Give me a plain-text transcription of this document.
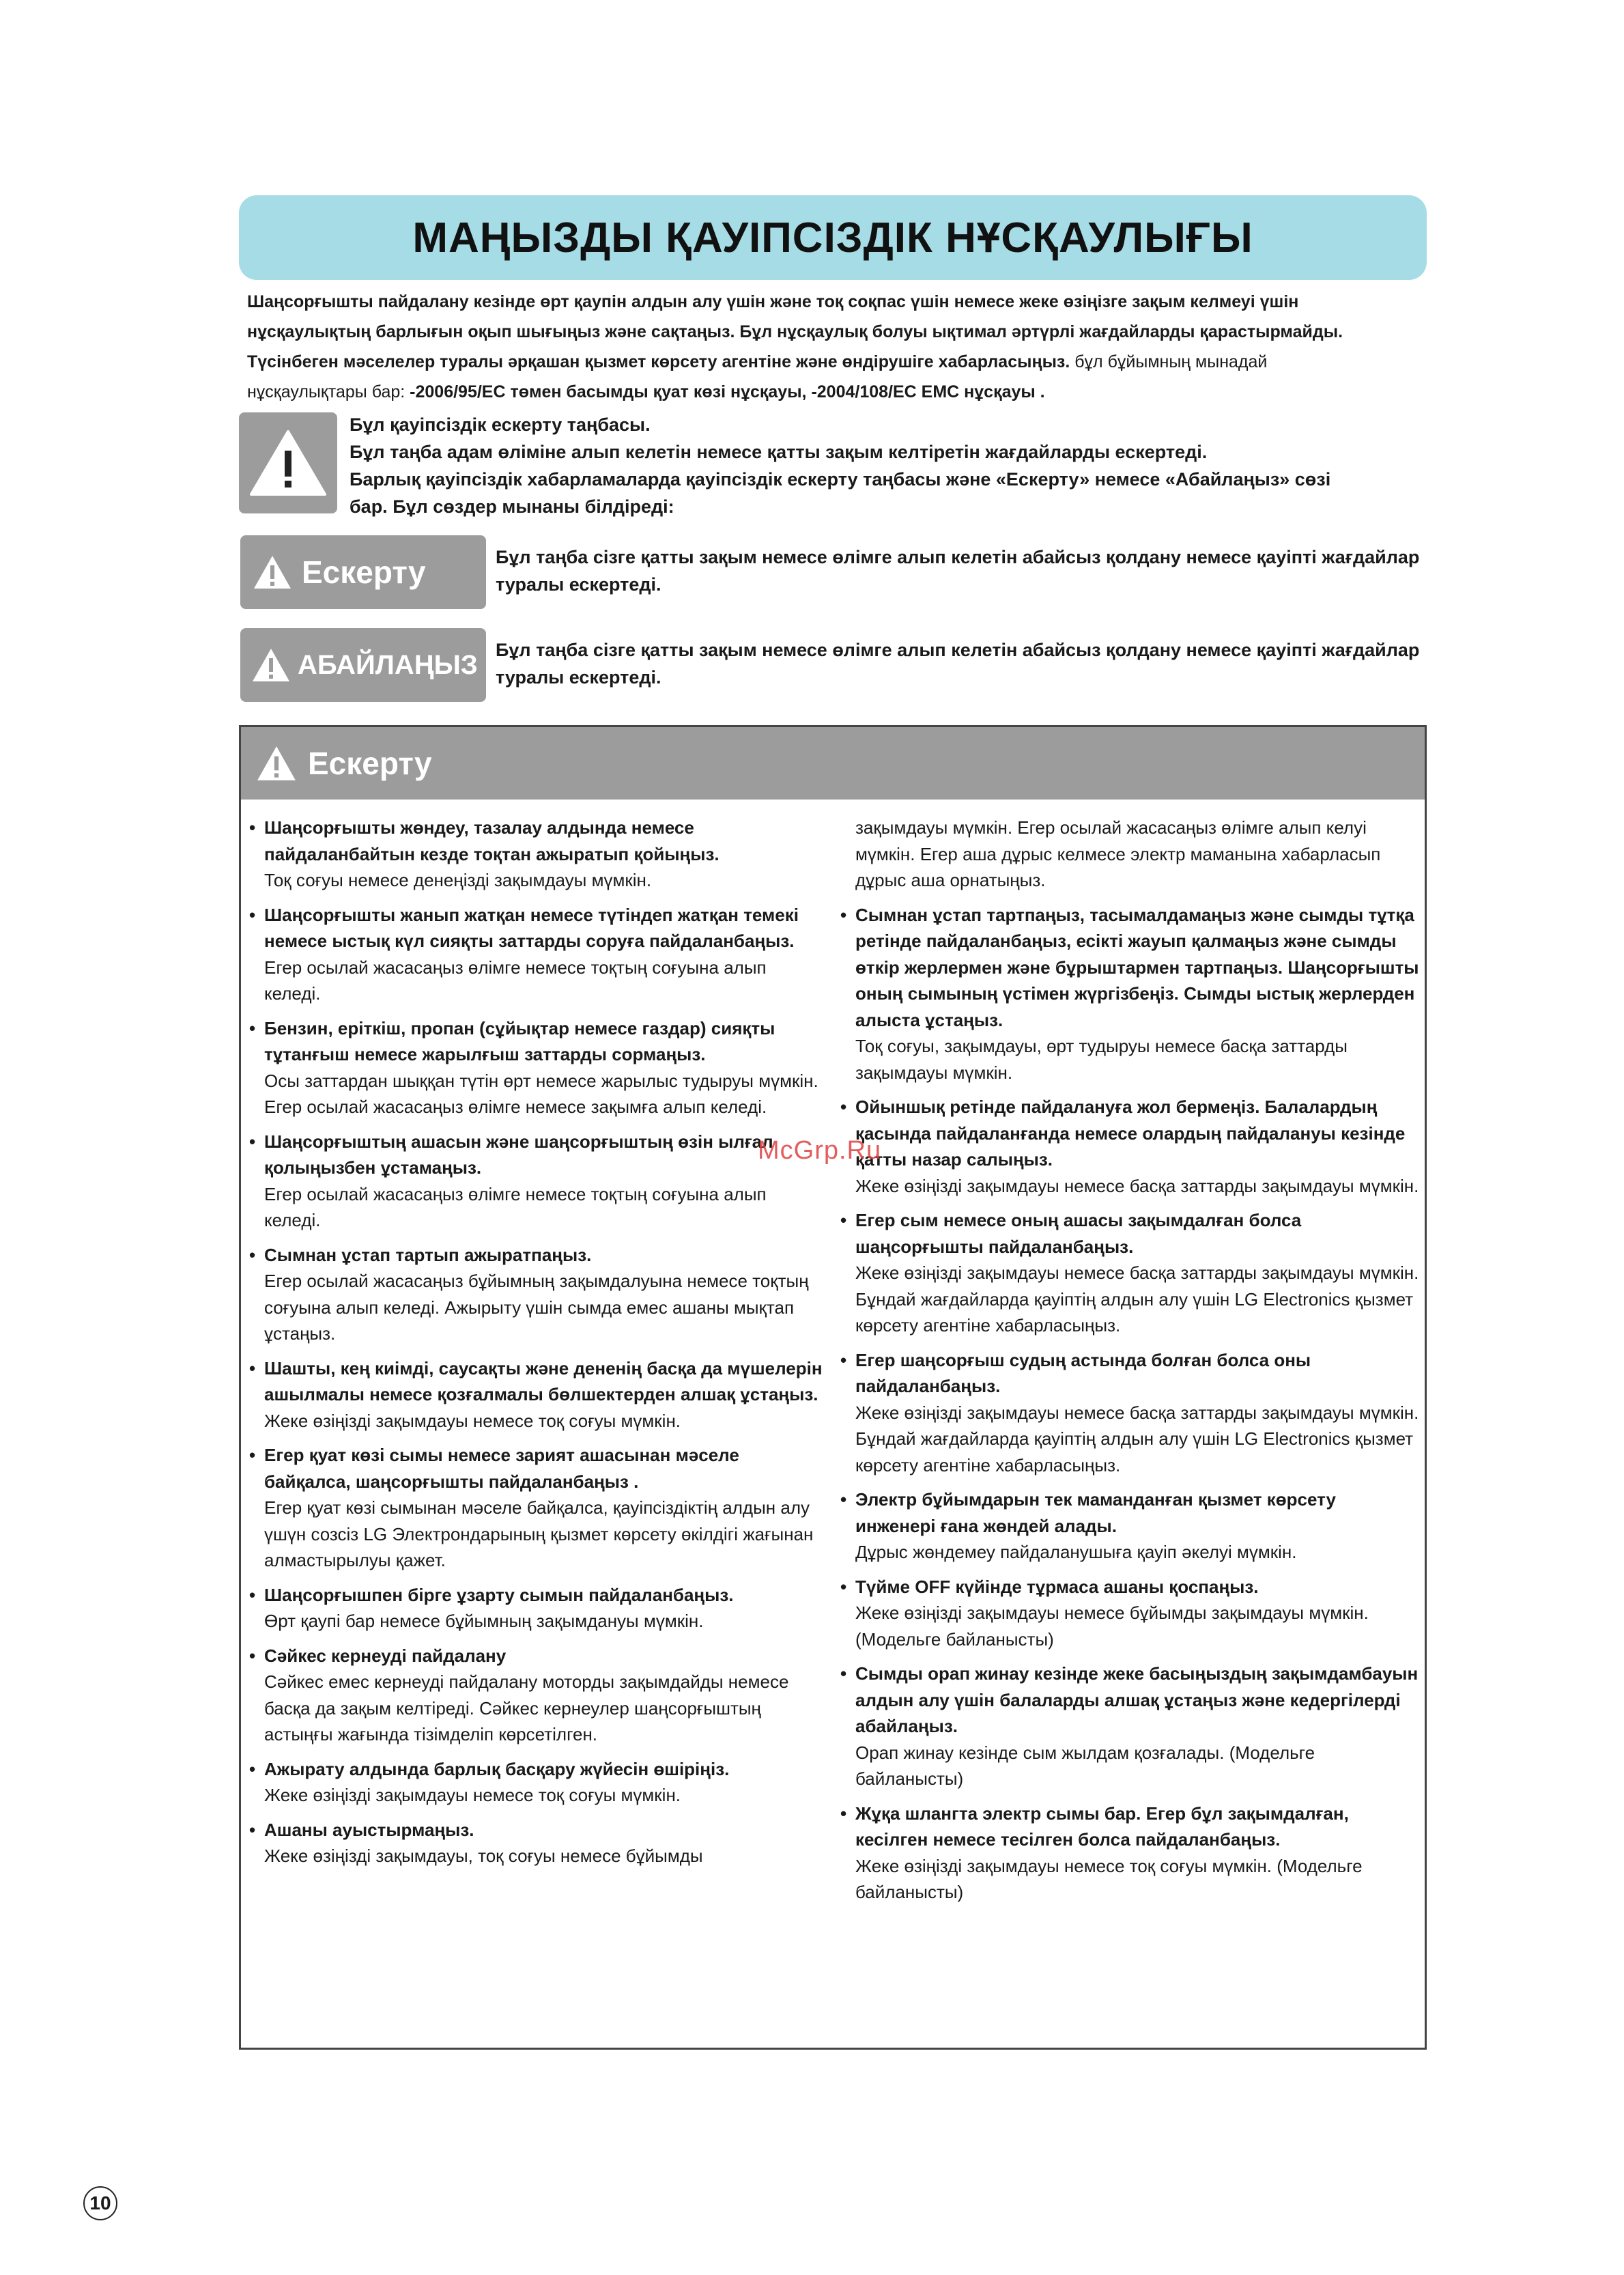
МАҢЫЗДЫ ҚАУІПСІЗДІК НҰСҚАУЛЫҒЫ

Шаңсорғышты пайдалану кезінде өрт қаупін алдын алу үшін және тоқ соқпас үшін немесе жеке өзіңізге зақым келмеуі үшін

нұсқаулықтың барлығын оқып шығыңыз және сақтаңыз. Бұл нұсқаулық болуы ықтимал әртүрлі жағдайларды қарастырмайды.

Түсінбеген мәселелер туралы әрқашан қызмет көрсету агентіне және өндірушіге хабарласыңыз. бұл бұйымның мынадай

нұсқаулықтары бар: -2006/95/EC төмен басымды қуат көзі нұсқауы, -2004/108/EC EMC нұсқауы .

Бұл қауіпсіздік ескерту таңбасы.

Бұл таңба адам өліміне алып келетін немесе қатты зақым келтіретін жағдайларды ескертеді.

Барлық қауіпсіздік хабарламаларда қауіпсіздік ескерту таңбасы және «Ескерту» немесе «Абайлаңыз» сөзі

бар. Бұл сөздер мынаны білдіреді:

Ескерту	Бұл таңба сізге қатты зақым немесе өлімге алып келетін абайсыз қолдану немесе қауіпті жағдайлар туралы ескертеді.
АБАЙЛАҢЫЗ Бұл таңба сізге қатты зақым немесе өлімге алып келетін абайсыз қолдану немесе қауіпті жағдайлар туралы ескертеді.
Ескерту
• Шаңсорғышты жөндеу, тазалау алдында немесе пайдаланбайтын кезде тоқтан ажыратып қойыңыз.
Тоқ соғуы немесе денеңізді зақымдауы мүмкін.
• Шаңсорғышты жанып жатқан немесе түтіндеп жатқан темекі немесе ыстық күл сияқты заттарды соруға пайдаланбаңыз.
Егер осылай жасасаңыз өлімге немесе тоқтың соғуына алып келеді.
• Бензин, еріткіш, пропан (сұйықтар немесе газдар) сияқты тұтанғыш немесе жарылғыш заттарды сормаңыз.
Осы заттардан шыққан түтін өрт немесе жарылыс тудыруы мүмкін. Егер осылай жасасаңыз өлімге немесе зақымға алып келеді.
• Шаңсорғыштың ашасын және шаңсорғыштың өзін ылғал қолыңызбен ұстамаңыз.
Егер осылай жасасаңыз өлімге немесе тоқтың соғуына алып келеді.
• Сымнан ұстап тартып ажыратпаңыз.
Егер осылай жасасаңыз бұйымның зақымдалуына немесе тоқтың соғуына алып келеді. Ажырыту үшін сымда емес ашаны мықтап ұстаңыз.
• Шашты, кең киімді, саусақты және дененің басқа да мүшелерін ашылмалы немесе қозғалмалы бөлшектерден алшақ ұстаңыз.
Жеке өзіңізді зақымдауы немесе тоқ соғуы мүмкін.
• Егер қуат көзі сымы немесе зарият ашасынан мәселе байқалса, шаңсорғышты пайдаланбаңыз .
Егер қуат көзі сымынан мәселе байқалса, қауіпсіздіктің алдын алу үшүн созсіз LG Электрондарының қызмет көрсету өкілдігі жағынан алмастырылуы қажет.
• Шаңсорғышпен бірге ұзарту сымын пайдаланбаңыз.
Өрт қаупі бар немесе бұйымның зақымдануы мүмкін.
• Сәйкес кернеуді пайдалану
Сәйкес емес кернеуді пайдалану моторды зақымдайды немесе басқа да зақым келтіреді. Сәйкес кернеулер шаңсорғыштың астыңғы жағында тізімделіп көрсетілген.
• Ажырату алдында барлық басқару жүйесін өшіріңіз.
Жеке өзіңізді зақымдауы немесе тоқ соғуы мүмкін.
• Ашаны ауыстырмаңыз.
Жеке өзіңізді зақымдауы, тоқ соғуы немесе бұйымды
зақымдауы мүмкін. Егер осылай жасасаңыз өлімге алып келуі мүмкін. Егер аша дұрыс келмесе электр маманына хабарласып дұрыс аша орнатыңыз.
• Сымнан ұстап тартпаңыз, тасымалдамаңыз және сымды тұтқа ретінде пайдаланбаңыз, есікті жауып қалмаңыз және сымды өткір жерлермен және бұрыштармен тартпаңыз. Шаңсорғышты оның сымының үстімен жүргізбеңіз. Сымды ыстық жерлерден алыста ұстаңыз.
Тоқ соғуы, зақымдауы, өрт тудыруы немесе басқа заттарды зақымдауы мүмкін.
• Ойыншық ретінде пайдалануға жол бермеңіз. Балалардың қасында пайдаланғанда немесе олардың пайдалануы кезінде қатты назар салыңыз.
Жеке өзіңізді зақымдауы немесе басқа заттарды зақымдауы мүмкін.
• Егер сым немесе оның ашасы зақымдалған болса шаңсорғышты пайдаланбаңыз.
Жеке өзіңізді зақымдауы немесе басқа заттарды зақымдауы мүмкін. Бұндай жағдайларда қауіптің алдын алу үшін LG Electronics қызмет көрсету агентіне хабарласыңыз.
• Егер шаңсорғыш судың астында болған болса оны пайдаланбаңыз.
Жеке өзіңізді зақымдауы немесе басқа заттарды зақымдауы мүмкін. Бұндай жағдайларда қауіптің алдын алу үшін LG Electronics қызмет көрсету агентіне хабарласыңыз.
• Электр бұйымдарын тек маманданған қызмет көрсету инженері ғана жөндей алады.
Дұрыс жөндемеу пайдаланушыға қауіп әкелуі мүмкін.
• Түйме OFF күйінде тұрмаса ашаны қоспаңыз.
Жеке өзіңізді зақымдауы немесе бұйымды зақымдауы мүмкін. (Модельге байланысты)
• Сымды орап жинау кезінде жеке басыңыздың зақымдамбауын алдын алу үшін балаларды алшақ ұстаңыз және кедергілерді абайлаңыз.
Орап жинау кезінде сым жылдам қозғалады. (Модельге байланысты)
• Жұқа шлангта электр сымы бар. Егер бұл зақымдалған, кесілген немесе тесілген болса пайдаланбаңыз.
Жеке өзіңізді зақымдауы немесе тоқ соғуы мүмкін. (Модельге байланысты)
McGrp.Ru
10
